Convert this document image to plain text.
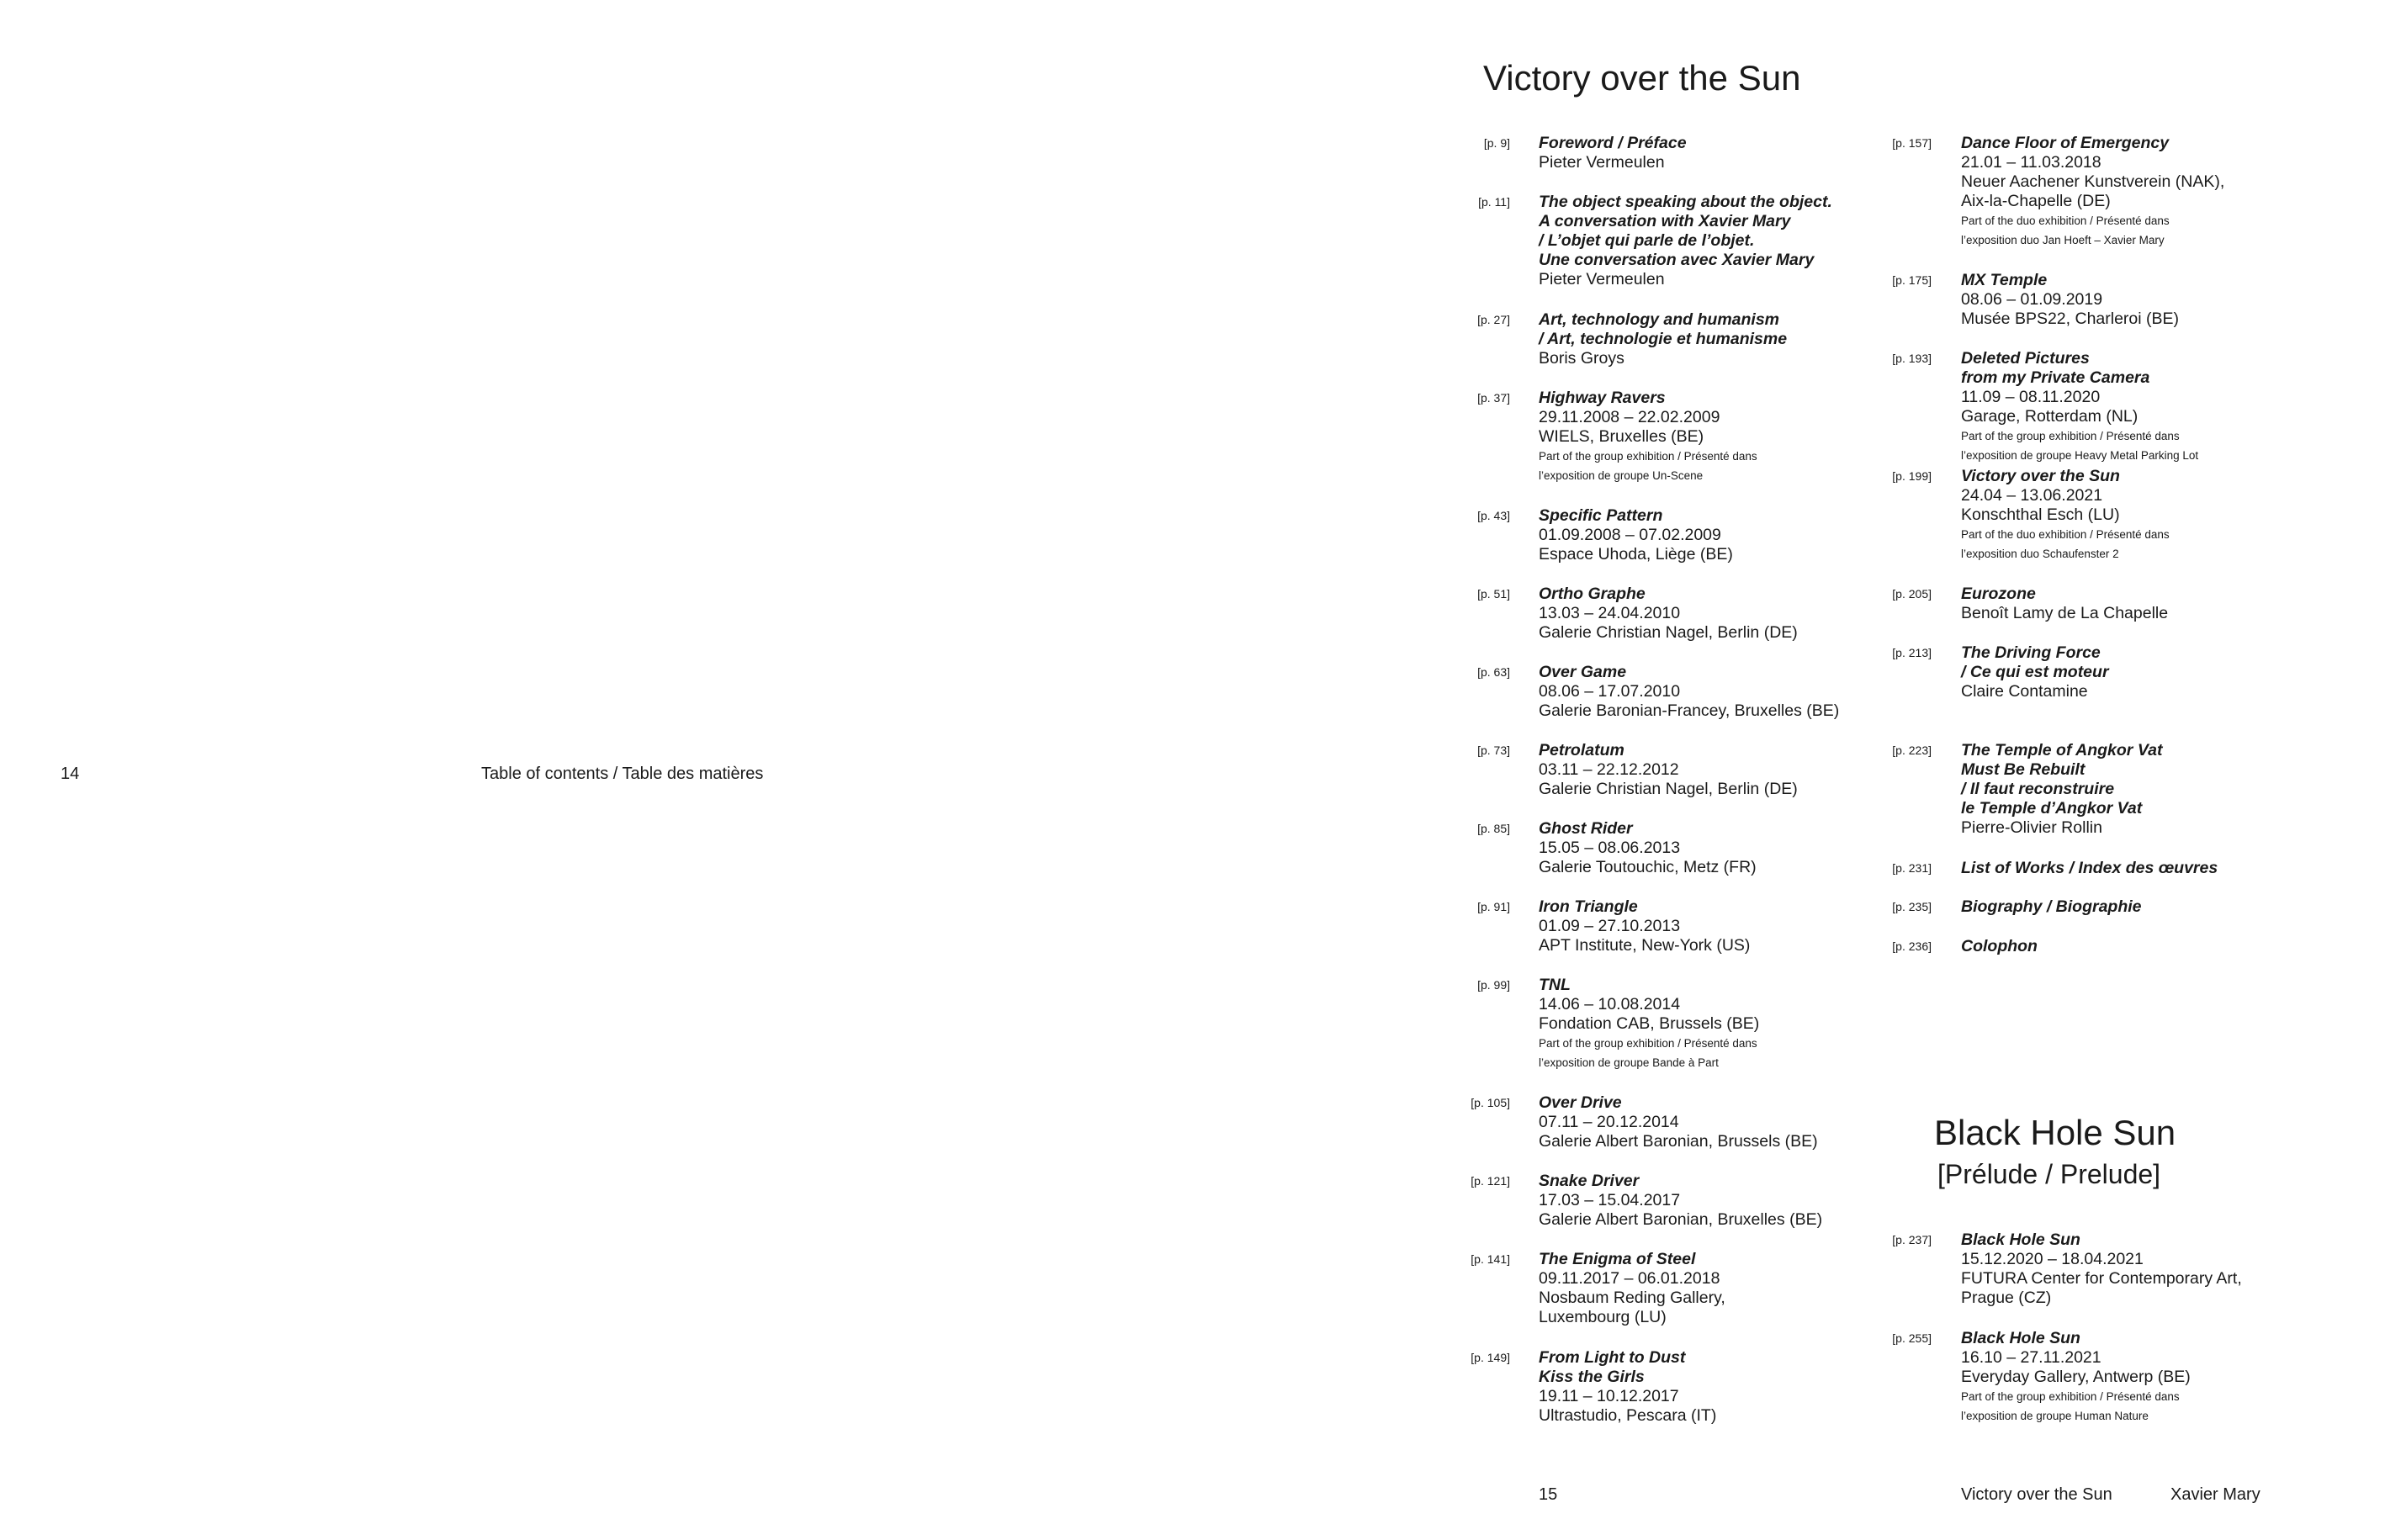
14	Table of contents / Table des matières
Victory over the Sun
Black Hole Sun
[Prélude / Prelude]
[p. 9] Foreword / Préface
Pieter Vermeulen
[p. 11] The object speaking about the object.
A conversation with Xavier Mary
/ L’objet qui parle de l’objet.
Une conversation avec Xavier Mary
Pieter Vermeulen
[p. 27] Art, technology and humanism
/ Art, technologie et humanisme
Boris Groys
[p. 37] Highway Ravers
29.11.2008 – 22.02.2009
WIELS, Bruxelles (BE)
Part of the group exhibition / Présenté dans
l’exposition de groupe Un-Scene
[p. 43] Specific Pattern
01.09.2008 – 07.02.2009
Espace Uhoda, Liège (BE)
[p. 51] Ortho Graphe
13.03 – 24.04.2010
Galerie Christian Nagel, Berlin (DE)
[p. 63] Over Game
08.06 – 17.07.2010
Galerie Baronian-Francey, Bruxelles (BE)
[p. 73] Petrolatum
03.11 – 22.12.2012
Galerie Christian Nagel, Berlin (DE)
[p. 85] Ghost Rider
15.05 – 08.06.2013
Galerie Toutouchic, Metz (FR)
[p. 91] Iron Triangle
01.09 – 27.10.2013
APT Institute, New-York (US)
[p. 99] TNL
14.06 – 10.08.2014
Fondation CAB, Brussels (BE)
Part of the group exhibition / Présenté dans
l’exposition de groupe Bande à Part
[p. 105] Over Drive
07.11 – 20.12.2014
Galerie Albert Baronian, Brussels (BE)
[p. 121] Snake Driver
17.03 – 15.04.2017
Galerie Albert Baronian, Bruxelles (BE)
[p. 141] The Enigma of Steel
09.11.2017 – 06.01.2018
Nosbaum Reding Gallery,
Luxembourg (LU)
[p. 149] From Light to Dust
Kiss the Girls
19.11 – 10.12.2017
Ultrastudio, Pescara (IT)
[p. 157] Dance Floor of Emergency
21.01 – 11.03.2018
Neuer Aachener Kunstverein (NAK),
Aix-la-Chapelle (DE)
Part of the duo exhibition / Présenté dans
l’exposition duo Jan Hoeft – Xavier Mary
[p. 175] MX Temple
08.06 – 01.09.2019
Musée BPS22, Charleroi (BE)
[p. 193] Deleted Pictures
from my Private Camera
11.09 – 08.11.2020
Garage, Rotterdam (NL)
Part of the group exhibition / Présenté dans
l’exposition de groupe Heavy Metal Parking Lot
[p. 199] Victory over the Sun
24.04 – 13.06.2021
Konschthal Esch (LU)
Part of the duo exhibition / Présenté dans
l’exposition duo Schaufenster 2
[p. 205] Eurozone
Benoît Lamy de La Chapelle
[p. 213] The Driving Force
/ Ce qui est moteur
Claire Contamine
[p. 223] The Temple of Angkor Vat
Must Be Rebuilt
/ Il faut reconstruire
le Temple d’Angkor Vat
Pierre-Olivier Rollin
[p. 231] List of Works / Index des œuvres
[p. 235] Biography / Biographie
[p. 236] Colophon
[p. 237] Black Hole Sun
15.12.2020 – 18.04.2021
FUTURA Center for Contemporary Art,
Prague (CZ)
[p. 255] Black Hole Sun
16.10 – 27.11.2021
Everyday Gallery, Antwerp (BE)
Part of the group exhibition / Présenté dans
l’exposition de groupe Human Nature
15	Victory over the Sun	Xavier Mary
